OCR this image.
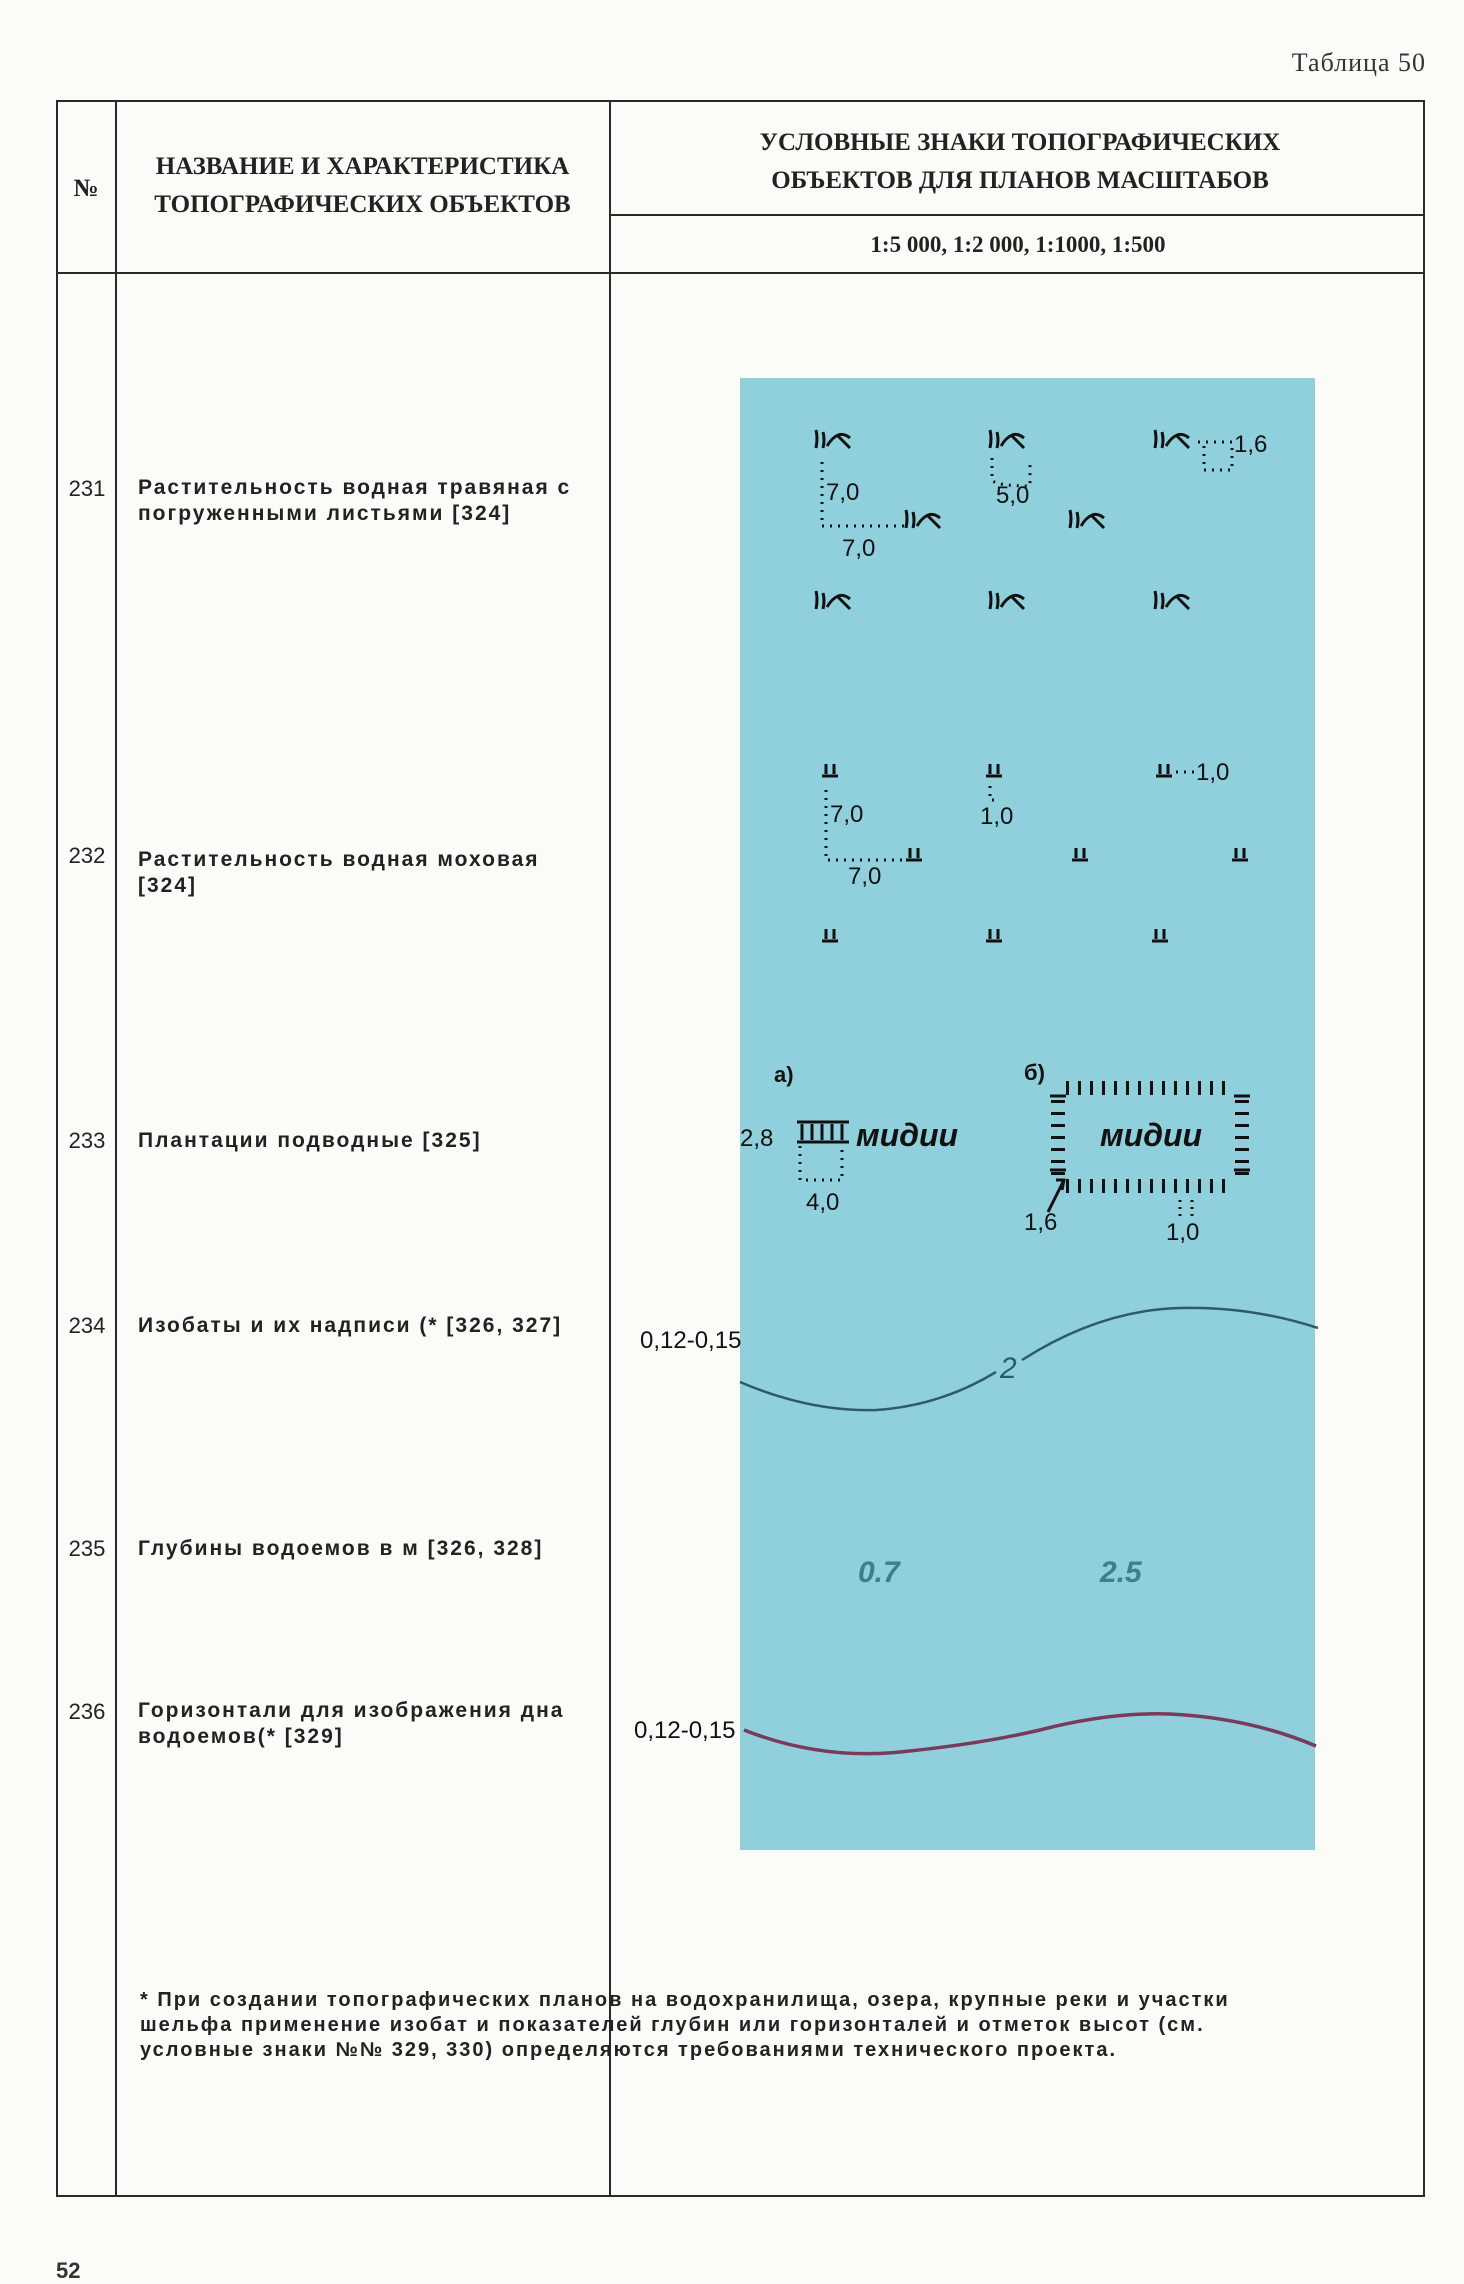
Таблица 50
№
НАЗВАНИЕ И ХАРАКТЕРИСТИКА ТОПОГРАФИЧЕСКИХ ОБЪЕКТОВ
УСЛОВНЫЕ ЗНАКИ ТОПОГРАФИЧЕСКИХ ОБЪЕКТОВ ДЛЯ ПЛАНОВ МАСШТАБОВ
1:5 000, 1:2 000, 1:1000, 1:500
231	Растительность водная травяная с погруженными листьями [324]
232	Растительность водная моховая [324]
233	Плантации подводные [325]
234	Изобаты и их надписи (* [326, 327]
235	Глубины водоемов в м [326, 328]
236	Горизонтали для изображения дна водоемов(* [329]
7,0	5,0
1,6
7,0
7,0	1,0
1,0
7,0
а)	б)
2,8	мидии
4,0
мидии
1,6	1,0
2
0,12-0,15
0.7	2.5
0,12-0,15
* При создании топографических планов на водохранилища, озера, крупные реки и участки шельфа применение изобат и показателей глубин или горизонталей и отметок высот (см. условные знаки №№ 329, 330) определяются требованиями технического проекта.
52
